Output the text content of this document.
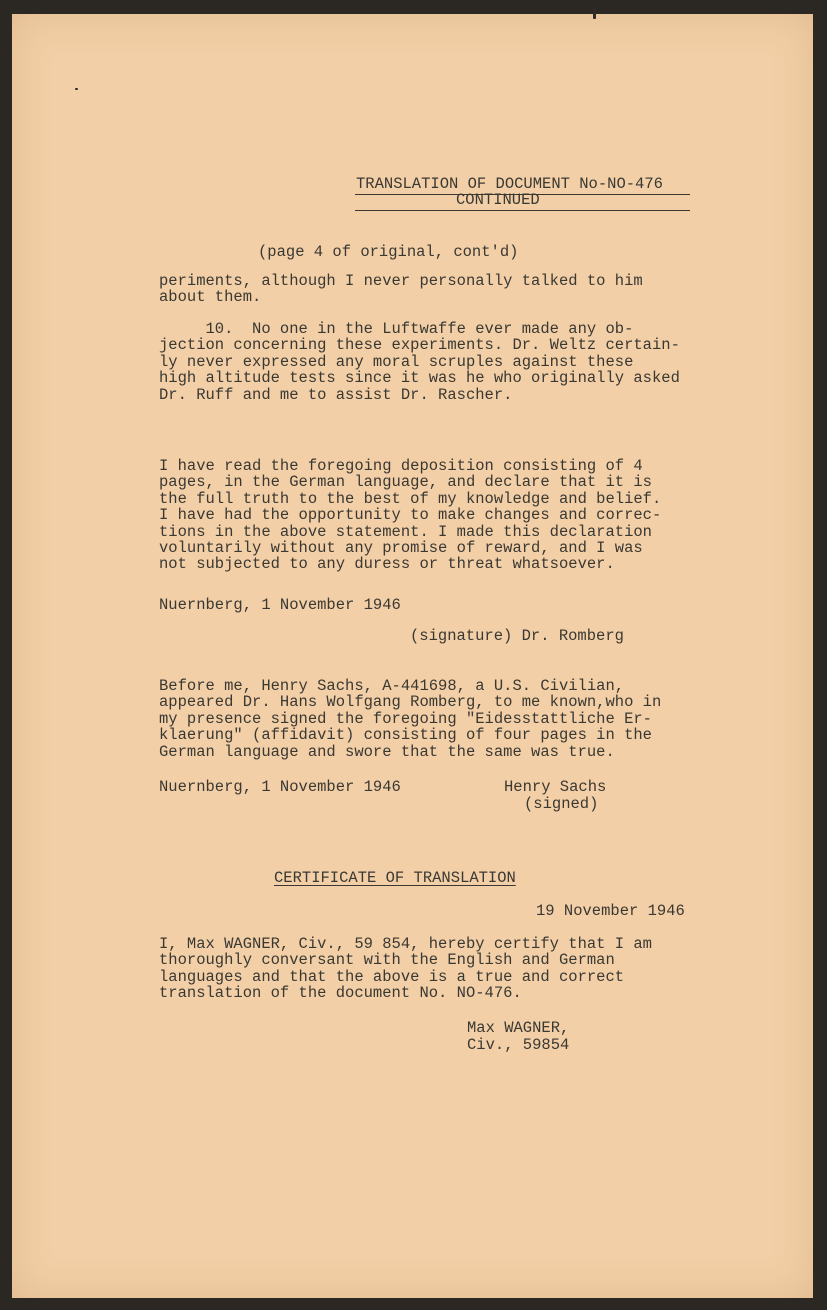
TRANSLATION OF DOCUMENT No-NO-476
CONTINUED
(page 4 of original, cont'd)
periments, although I never personally talked to him
about them.
10.  No one in the Luftwaffe ever made any ob-
jection concerning these experiments. Dr. Weltz certain-
ly never expressed any moral scruples against these
high altitude tests since it was he who originally asked
Dr. Ruff and me to assist Dr. Rascher.
I have read the foregoing deposition consisting of 4
pages, in the German language, and declare that it is
the full truth to the best of my knowledge and belief.
I have had the opportunity to make changes and correc-
tions in the above statement. I made this declaration
voluntarily without any promise of reward, and I was
not subjected to any duress or threat whatsoever.
Nuernberg, 1 November 1946
(signature) Dr. Romberg
Before me, Henry Sachs, A-441698, a U.S. Civilian,
appeared Dr. Hans Wolfgang Romberg, to me known,who in
my presence signed the foregoing "Eidesstattliche Er-
klaerung" (affidavit) consisting of four pages in the
German language and swore that the same was true.
Nuernberg, 1 November 1946	Henry Sachs
(signed)
CERTIFICATE OF TRANSLATION
19 November 1946
I, Max WAGNER, Civ., 59 854, hereby certify that I am
thoroughly conversant with the English and German
languages and that the above is a true and correct
translation of the document No. NO-476.
Max WAGNER,
Civ., 59854
